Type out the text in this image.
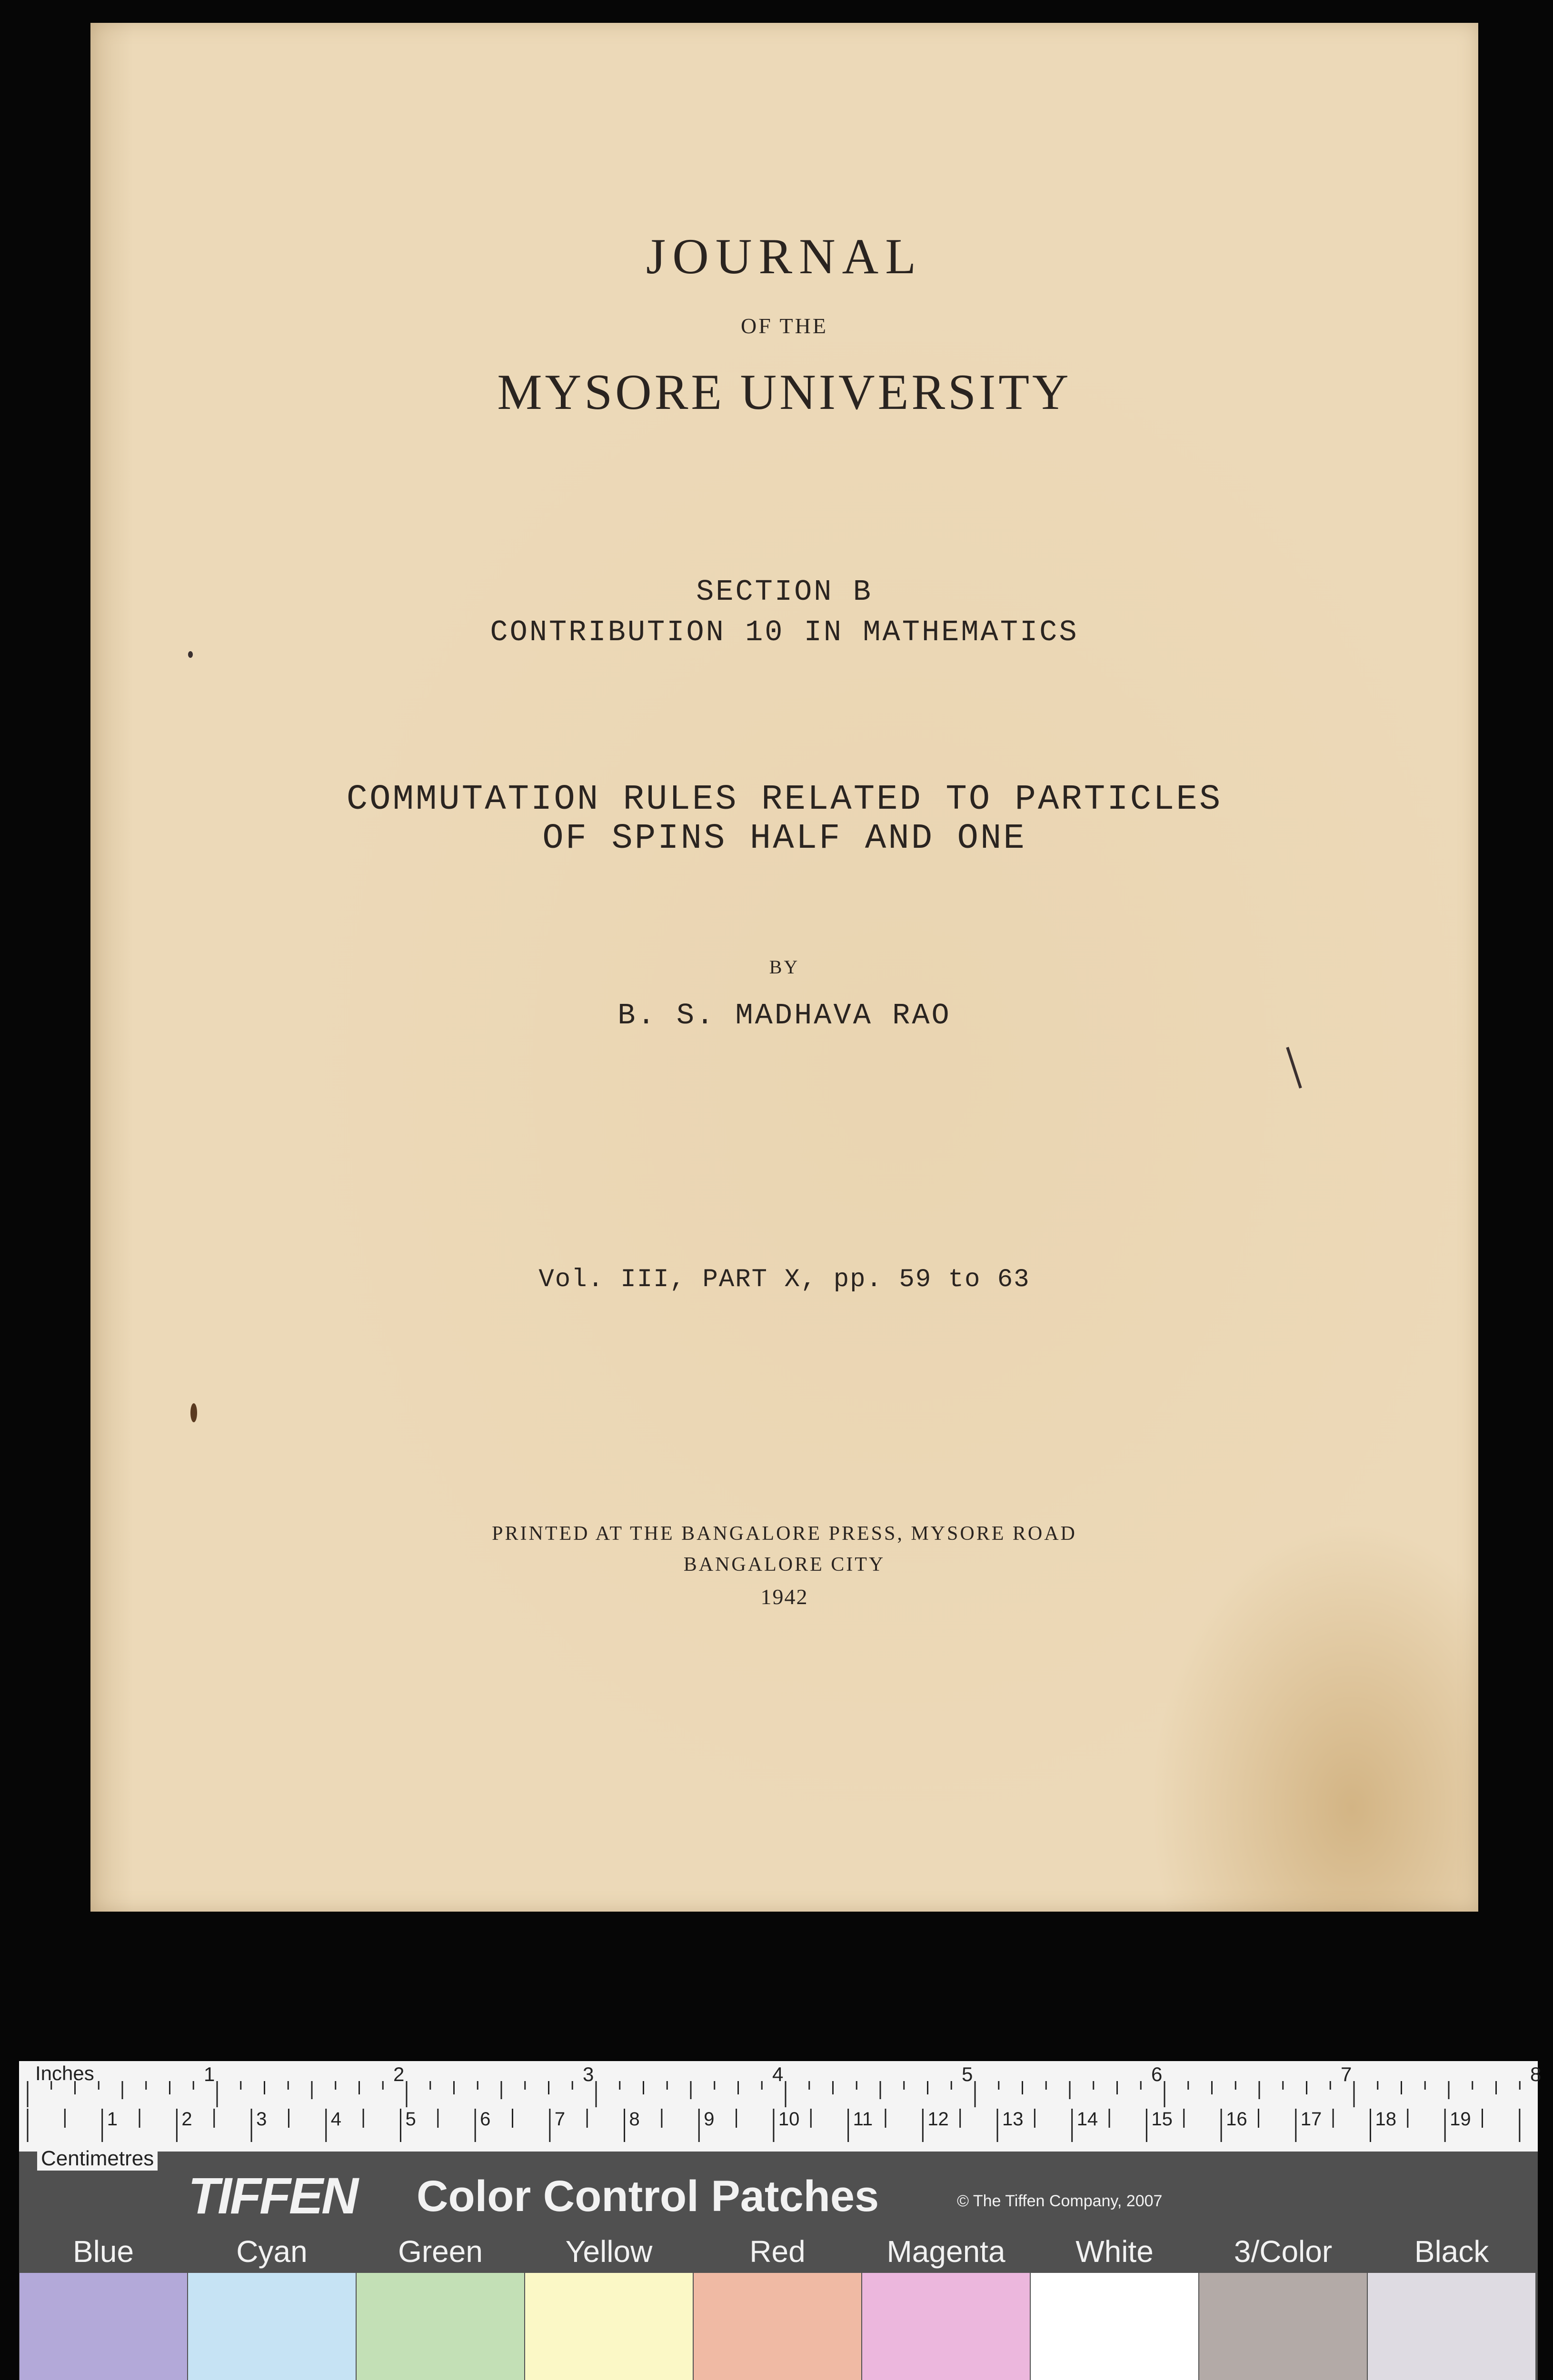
JOURNAL
OF THE
MYSORE UNIVERSITY
SECTION B
CONTRIBUTION 10 IN MATHEMATICS
COMMUTATION RULES RELATED TO PARTICLES
OF SPINS HALF AND ONE
BY
B. S. MADHAVA RAO
Vol. III, PART X, pp. 59 to 63
PRINTED AT THE BANGALORE PRESS, MYSORE ROAD
BANGALORE CITY
1942
Inches	1	2	3	4	5	6	7	8
1	2	3	4	5	6	7	8	9	10	11	12	13	14	15	16	17	18	19
Centimetres
TIFFEN Color Control Patches	© The Tiffen Company, 2007
Blue	Cyan	Green	Yellow	Red	Magenta	White	3/Color	Black
